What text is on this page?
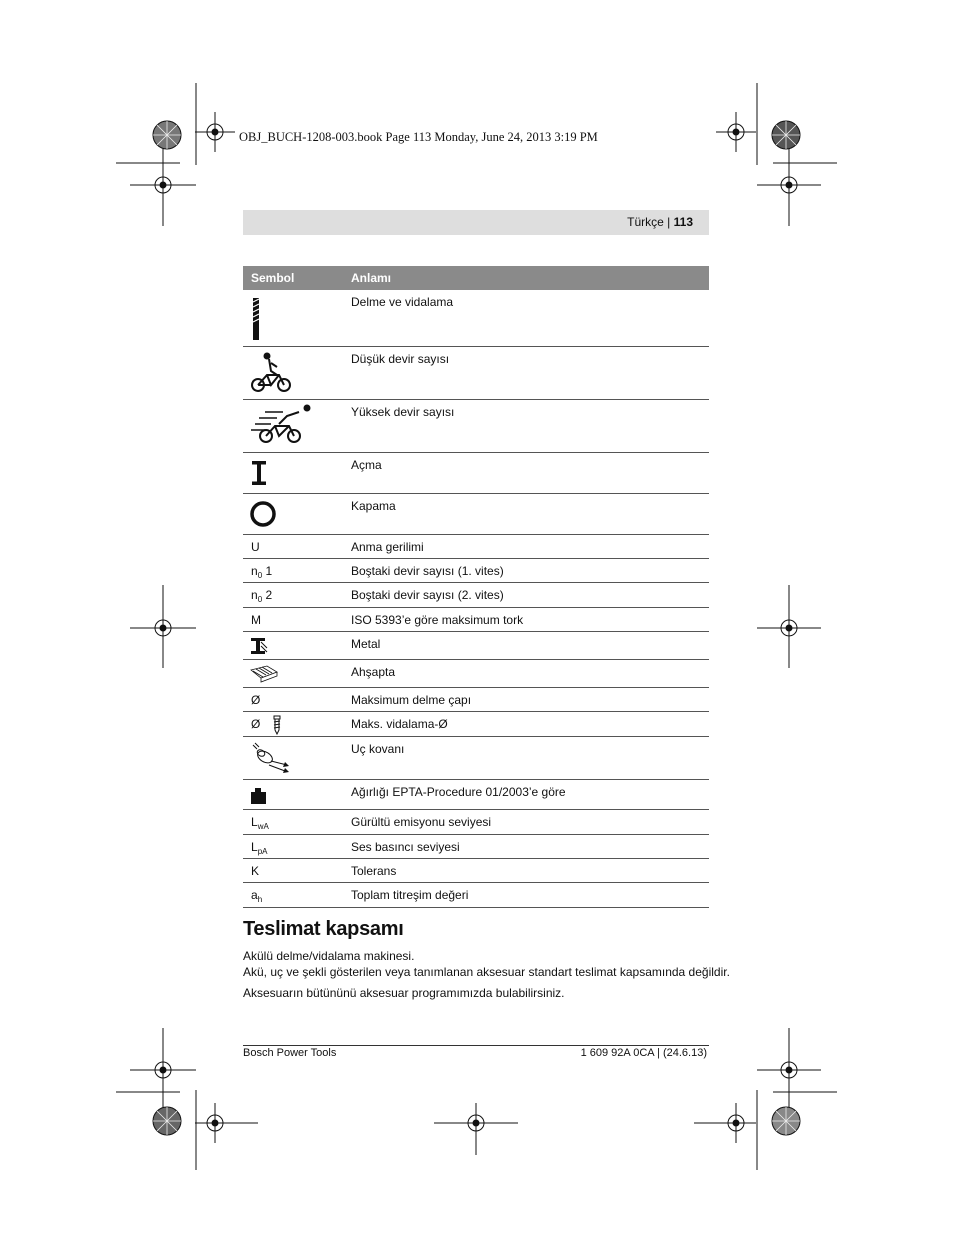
OBJ_BUCH-1208-003.book Page 113 Monday, June 24, 2013 3:19 PM
Türkçe | 113
Sembol	Anlamı
Delme ve vidalama
Düşük devir sayısı
Yüksek devir sayısı
Açma
Kapama
U	Anma gerilimi
$n_0$ 1	Boştaki devir sayısı (1. vites)
$n_0$ 2	Boştaki devir sayısı (2. vites)
M	ISO 5393’e göre maksimum tork
Metal
Ahşapta
Ø	Maksimum delme çapı
Ø	Maks. vidalama-Ø
Uç kovanı
Ağırlığı EPTA-Procedure 01/2003’e göre
$L_{wA}$	Gürültü emisyonu seviyesi
$L_{pA}$	Ses basıncı seviyesi
K	Tolerans
$a_h$	Toplam titreşim değeri
Teslimat kapsamı
Akülü delme/vidalama makinesi.
Akü, uç ve şekli gösterilen veya tanımlanan aksesuar standart teslimat kapsamında değildir.
Aksesuarın bütününü aksesuar programımızda bulabilirsiniz.
Bosch Power Tools	1 609 92A 0CA | (24.6.13)
